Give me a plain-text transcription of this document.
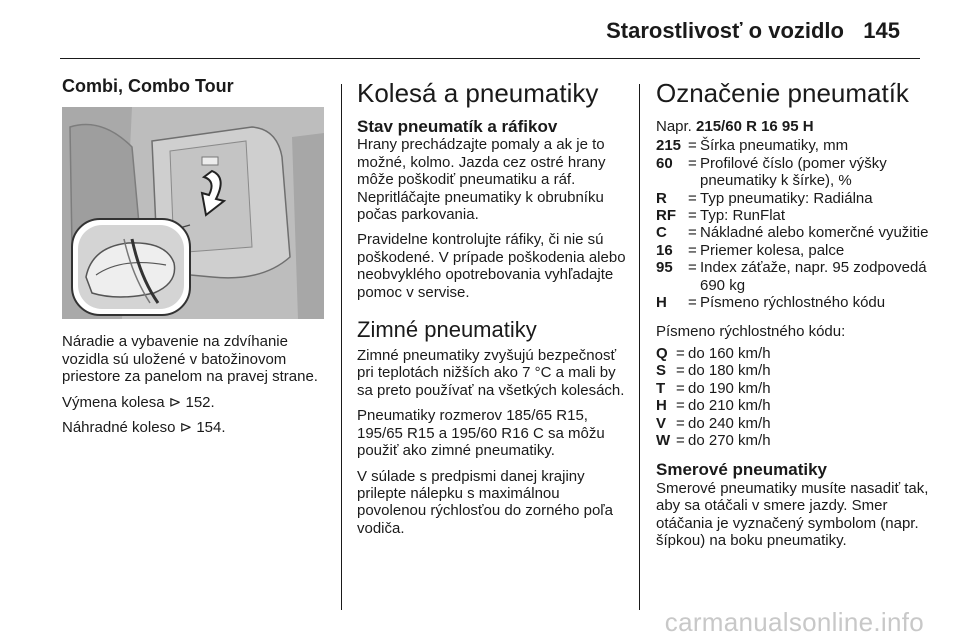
Starostlivosť o vozidlo 145
Combi, Combo Tour

Náradie a vybavenie na zdvíhanie vozidla sú uložené v batožinovom priestore za panelom na pravej strane.

Výmena kolesa ⊳ 152.

Náhradné koleso ⊳ 154.

Kolesá a pneumatiky
Stav pneumatík a ráfikov

Hrany prechádzajte pomaly a ak je to možné, kolmo. Jazda cez ostré hrany môže poškodiť pneumatiku a ráf. Nepritláčajte pneumatiky k obrubníku počas parkovania.

Pravidelne kontrolujte ráfiky, či nie sú poškodené. V prípade poškodenia alebo neobvyklého opotrebovania vyhľadajte pomoc v servise.

Zimné pneumatiky

Zimné pneumatiky zvyšujú bezpečnosť pri teplotách nižších ako 7 °C a mali by sa preto používať na všetkých kolesách.

Pneumatiky rozmerov 185/65 R15, 195/65 R15 a 195/60 R16 C sa môžu použiť ako zimné pneumatiky.

V súlade s predpismi danej krajiny prilepte nálepku s maximálnou povolenou rýchlosťou do zorného poľa vodiča.

Označenie pneumatík

Napr. 215/60 R 16 95 H

215	=	Šírka pneumatiky, mm
60	=	Profilové číslo (pomer výšky pneumatiky k šírke), %
R	=	Typ pneumatiky: Radiálna
RF	=	Typ: RunFlat
C	=	Nákladné alebo komerčné využitie
16	=	Priemer kolesa, palce
95	=	Index záťaže, napr. 95 zodpovedá 690 kg
H	=	Písmeno rýchlostného kódu

Písmeno rýchlostného kódu:

Q	=	do 160 km/h
S	=	do 180 km/h
T	=	do 190 km/h
H	=	do 210 km/h
V	=	do 240 km/h
W	=	do 270 km/h
Smerové pneumatiky

Smerové pneumatiky musíte nasadiť tak, aby sa otáčali v smere jazdy. Smer otáčania je vyznačený symbolom (napr. šípkou) na boku pneumatiky.

carmanualsonline.info
